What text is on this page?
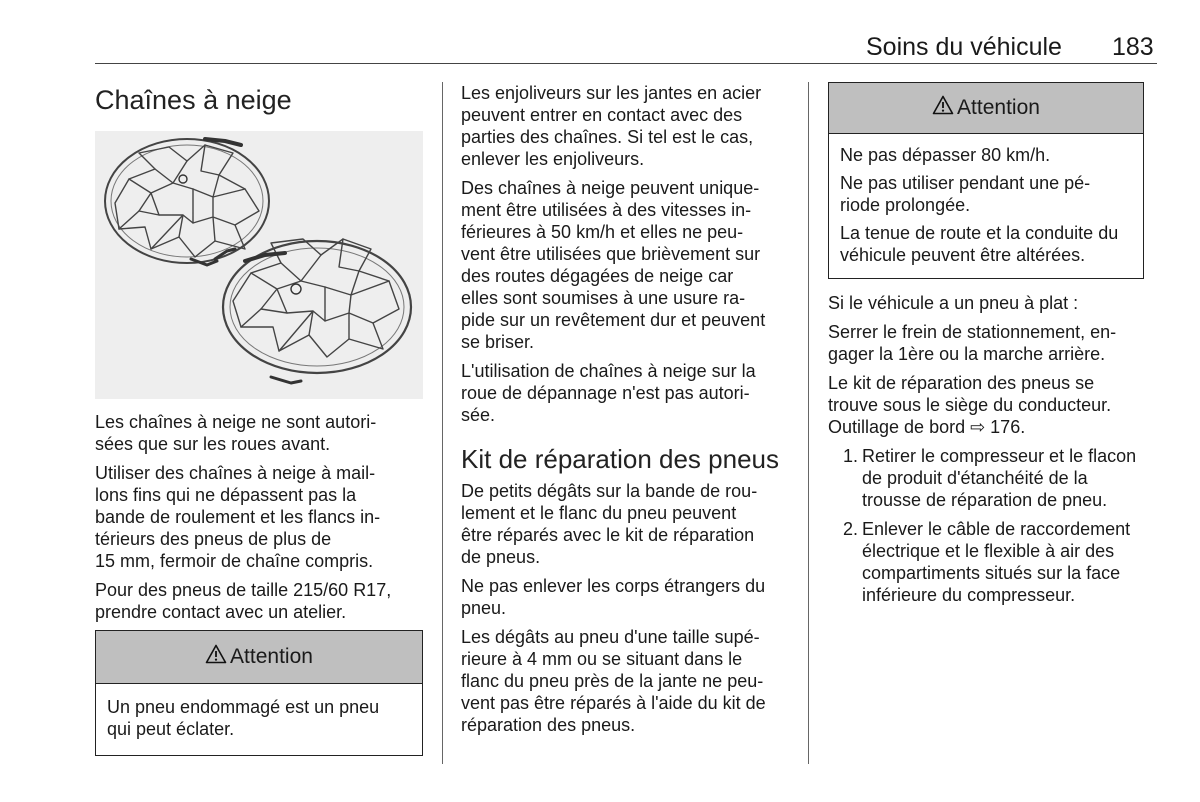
Soins du véhicule 183
Chaînes à neige

Les chaînes à neige ne sont autori-
sées que sur les roues avant.

Utiliser des chaînes à neige à mail-
lons fins qui ne dépassent pas la
bande de roulement et les flancs in-
térieurs des pneus de plus de
15 mm, fermoir de chaîne compris.

Pour des pneus de taille 215/60 R17,
prendre contact avec un atelier.

Attention

Un pneu endommagé est un pneu
qui peut éclater.

Les enjoliveurs sur les jantes en acier
peuvent entrer en contact avec des
parties des chaînes. Si tel est le cas,
enlever les enjoliveurs.

Des chaînes à neige peuvent unique-
ment être utilisées à des vitesses in-
férieures à 50 km/h et elles ne peu-
vent être utilisées que brièvement sur
des routes dégagées de neige car
elles sont soumises à une usure ra-
pide sur un revêtement dur et peuvent
se briser.

L'utilisation de chaînes à neige sur la
roue de dépannage n'est pas autori-
sée.

Kit de réparation des pneus

De petits dégâts sur la bande de rou-
lement et le flanc du pneu peuvent
être réparés avec le kit de réparation
de pneus.

Ne pas enlever les corps étrangers du
pneu.

Les dégâts au pneu d'une taille supé-
rieure à 4 mm ou se situant dans le
flanc du pneu près de la jante ne peu-
vent pas être réparés à l'aide du kit de
réparation des pneus.

Attention

Ne pas dépasser 80 km/h.

Ne pas utiliser pendant une pé-
riode prolongée.

La tenue de route et la conduite du
véhicule peuvent être altérées.

Si le véhicule a un pneu à plat :

Serrer le frein de stationnement, en-
gager la 1ère ou la marche arrière.

Le kit de réparation des pneus se
trouve sous le siège du conducteur.
Outillage de bord ⇨ 176.

1. Retirer le compresseur et le flacon
de produit d'étanchéité de la
trousse de réparation de pneu.
2. Enlever le câble de raccordement
électrique et le flexible à air des
compartiments situés sur la face
inférieure du compresseur.
